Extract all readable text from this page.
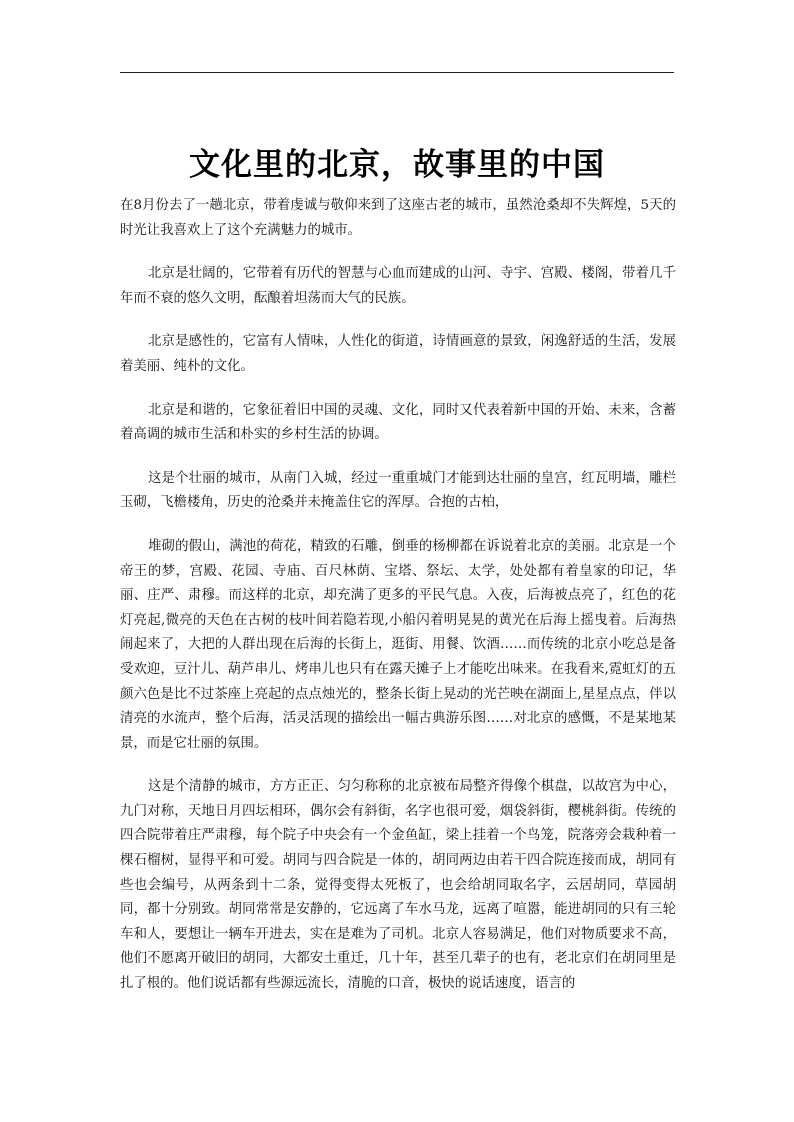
文化里的北京，故事里的中国

在8月份去了一趟北京，带着虔诚与敬仰来到了这座古老的城市，虽然沧桑却不失辉煌，5天的时光让我喜欢上了这个充满魅力的城市。

北京是壮阔的，它带着有历代的智慧与心血而建成的山河、寺宇、宫殿、楼阁，带着几千年而不衰的悠久文明，酝酿着坦荡而大气的民族。

北京是感性的，它富有人情味，人性化的街道，诗情画意的景致，闲逸舒适的生活，发展着美丽、纯朴的文化。

北京是和谐的，它象征着旧中国的灵魂、文化，同时又代表着新中国的开始、未来，含蓄着高调的城市生活和朴实的乡村生活的协调。

这是个壮丽的城市，从南门入城，经过一重重城门才能到达壮丽的皇宫，红瓦明墙，雕栏玉砌，飞檐楼角，历史的沧桑并未掩盖住它的浑厚。合抱的古柏，

堆砌的假山，满池的荷花，精致的石雕，倒垂的杨柳都在诉说着北京的美丽。北京是一个帝王的梦，宫殿、花园、寺庙、百尺林荫、宝塔、祭坛、太学，处处都有着皇家的印记，华丽、庄严、肃穆。而这样的北京，却充满了更多的平民气息。入夜，后海被点亮了，红色的花灯亮起,微亮的天色在古树的枝叶间若隐若现,小船闪着明晃晃的黄光在后海上摇曳着。后海热闹起来了，大把的人群出现在后海的长街上，逛街、用餐、饮酒……而传统的北京小吃总是备受欢迎，豆汁儿、葫芦串儿、烤串儿也只有在露天摊子上才能吃出味来。在我看来,霓虹灯的五颜六色是比不过茶座上亮起的点点烛光的，整条长街上晃动的光芒映在湖面上,星星点点，伴以清亮的水流声，整个后海，活灵活现的描绘出一幅古典游乐图……对北京的感慨，不是某地某景，而是它壮丽的氛围。

这是个清静的城市，方方正正、匀匀称称的北京被布局整齐得像个棋盘，以故宫为中心，九门对称，天地日月四坛相环，偶尔会有斜街，名字也很可爱，烟袋斜街，樱桃斜街。传统的四合院带着庄严肃穆，每个院子中央会有一个金鱼缸，梁上挂着一个鸟笼，院落旁会栽种着一棵石榴树，显得平和可爱。胡同与四合院是一体的，胡同两边由若干四合院连接而成，胡同有些也会编号，从两条到十二条，觉得变得太死板了，也会给胡同取名字，云居胡同，草园胡同，都十分别致。胡同常常是安静的，它远离了车水马龙，远离了喧嚣，能进胡同的只有三轮车和人，要想让一辆车开进去，实在是难为了司机。北京人容易满足，他们对物质要求不高，他们不愿离开破旧的胡同，大都安土重迁，几十年，甚至几辈子的也有，老北京们在胡同里是扎了根的。他们说话都有些源远流长，清脆的口音，极快的说话速度，语言的
